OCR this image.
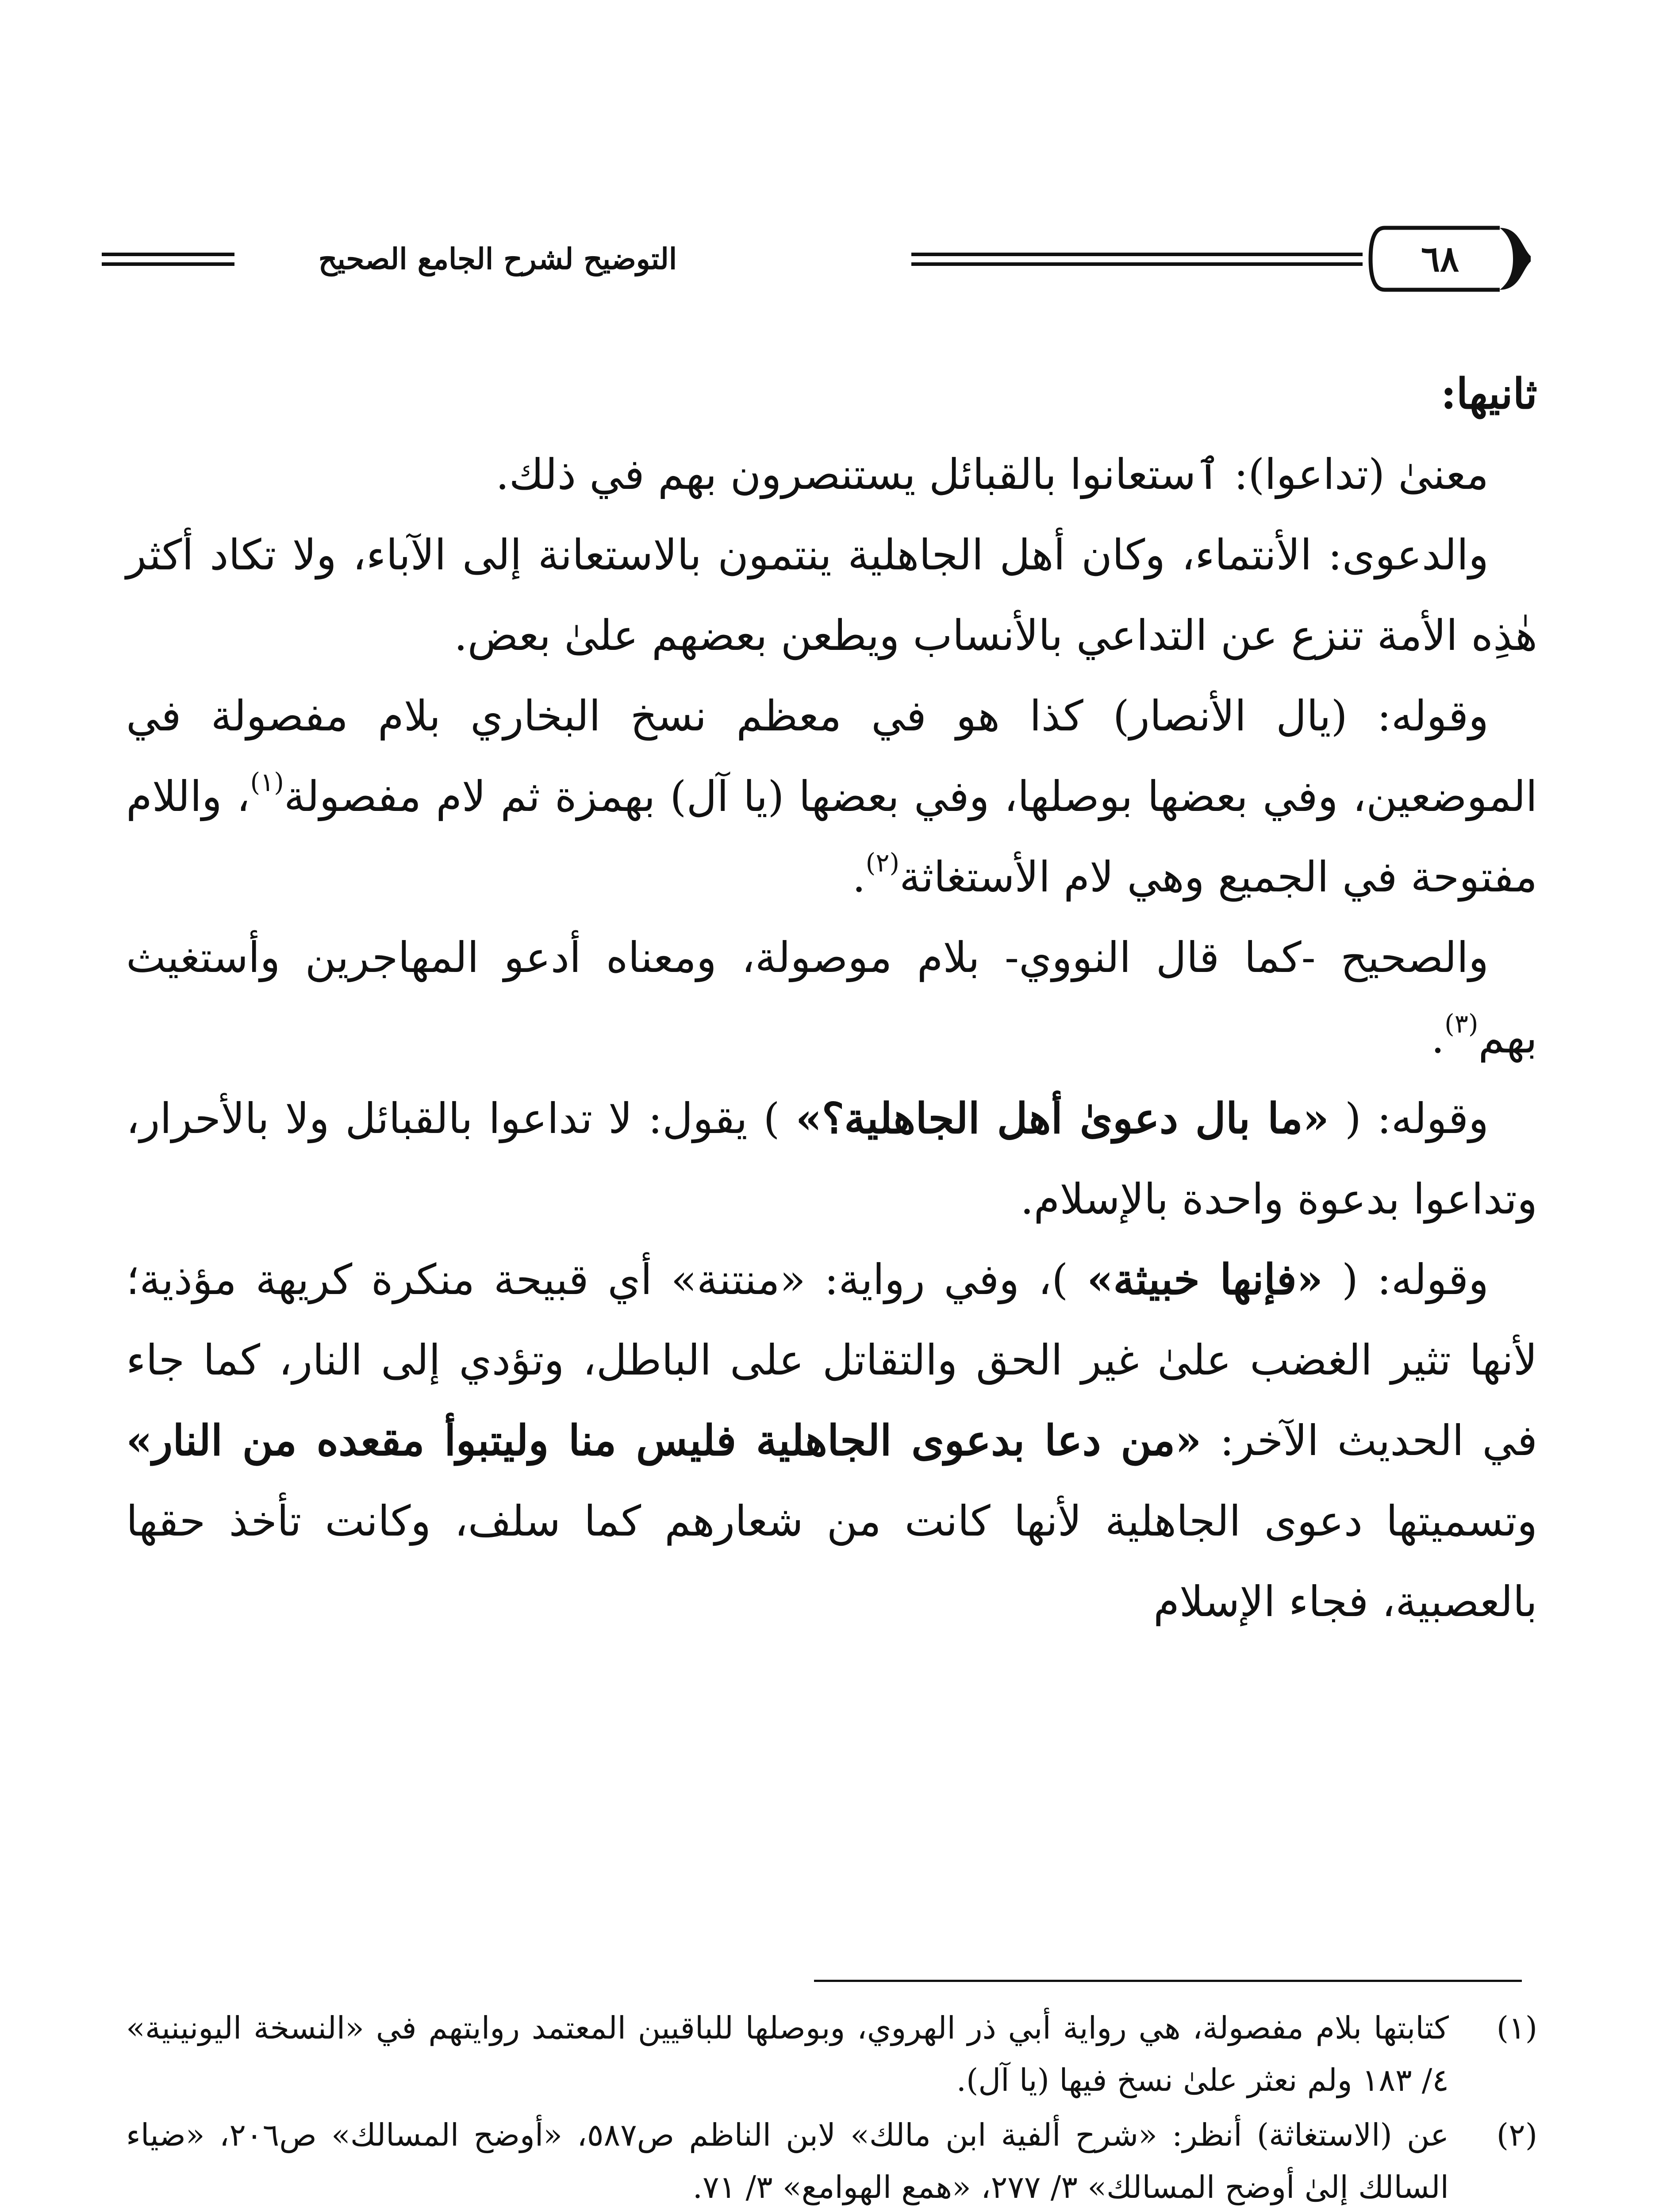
٦٨
التوضيح لشرح الجامع الصحيح

ثانيها:

معنىٰ (تداعوا): ٱستعانوا بالقبائل يستنصرون بهم في ذلك.

والدعوى: الأنتماء، وكان أهل الجاهلية ينتمون بالاستعانة إلى الآباء، ولا تكاد أكثر هٰذِه الأمة تنزع عن التداعي بالأنساب ويطعن بعضهم علىٰ بعض.

وقوله: (يال الأنصار) كذا هو في معظم نسخ البخاري بلام مفصولة في الموضعين، وفي بعضها بوصلها، وفي بعضها (يا آل) بهمزة ثم لام مفصولة$^{(١)}$، واللام مفتوحة في الجميع وهي لام الأستغاثة$^{(٢)}$.

والصحيح -كما قال النووي- بلام موصولة، ومعناه أدعو المهاجرين وأستغيث بهم$^{(٣)}$.

وقوله: ( «ما بال دعوىٰ أهل الجاهلية؟» ) يقول: لا تداعوا بالقبائل ولا بالأحرار، وتداعوا بدعوة واحدة بالإسلام.

وقوله: ( «فإنها خبيثة» )، وفي رواية: «منتنة» أي قبيحة منكرة كريهة مؤذية؛ لأنها تثير الغضب علىٰ غير الحق والتقاتل على الباطل، وتؤدي إلى النار، كما جاء في الحديث الآخر: «من دعا بدعوى الجاهلية فليس منا وليتبوأ مقعده من النار» وتسميتها دعوى الجاهلية لأنها كانت من شعارهم كما سلف، وكانت تأخذ حقها بالعصبية، فجاء الإسلام

(١)
كتابتها بلام مفصولة، هي رواية أبي ذر الهروي، وبوصلها للباقيين المعتمد روايتهم في «النسخة اليونينية» ٤/ ١٨٣ ولم نعثر علىٰ نسخ فيها (يا آل).
(٢)
عن (الاستغاثة) أنظر: «شرح ألفية ابن مالك» لابن الناظم ص٥٨٧، «أوضح المسالك» ص٢٠٦، «ضياء السالك إلىٰ أوضح المسالك» ٣/ ٢٧٧، «همع الهوامع» ٣/ ٧١.
